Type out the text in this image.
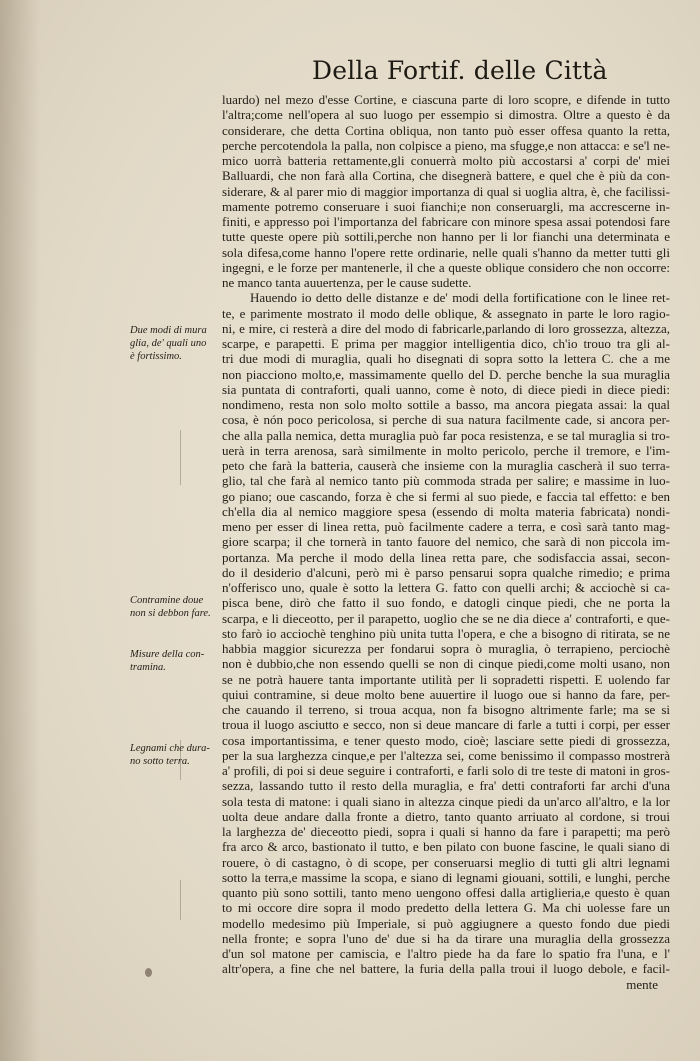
Della Fortif. delle Città
luardo) nel mezo d'esse Cortine, e ciascuna parte di loro scopre, e difende in tutto
l'altra;come nell'opera al suo luogo per essempio si dimostra. Oltre a questo è da
considerare, che detta Cortina obliqua, non tanto può esser offesa quanto la retta,
perche percotendola la palla, non colpisce a pieno, ma sfugge,e non attacca: e se'l ne-
mico uorrà batteria rettamente,gli conuerrà molto più accostarsi a' corpi de' miei
Balluardi, che non farà alla Cortina, che disegnerà battere, e quel che è più da con-
siderare, & al parer mio di maggior importanza di qual si uoglia altra, è, che facilissi-
mamente potremo conseruare i suoi fianchi;e non conseruargli, ma accrescerne in-
finiti, e appresso poi l'importanza del fabricare con minore spesa assai potendosi fare
tutte queste opere più sottili,perche non hanno per li lor fianchi una determinata e
sola difesa,come hanno l'opere rette ordinarie, nelle quali s'hanno da metter tutti gli
ingegni, e le forze per mantenerle, il che a queste oblique considero che non occorre:
ne manco tanta auuertenza, per le cause sudette.
Hauendo io detto delle distanze e de' modi della fortificatione con le linee ret-
te, e parimente mostrato il modo delle oblique, & assegnato in parte le loro ragio-
ni, e mire, ci resterà a dire del modo di fabricarle,parlando di loro grossezza, altezza,
scarpe, e parapetti. E prima per maggior intelligentia dico, ch'io trouo tra gli al-
tri due modi di muraglia, quali ho disegnati di sopra sotto la lettera C. che a me
non piacciono molto,e, massimamente quello del D. perche benche la sua muraglia
sia puntata di contraforti, quali uanno, come è noto, di diece piedi in diece piedi:
nondimeno, resta non solo molto sottile a basso, ma ancora piegata assai: la qual
cosa, è nón poco pericolosa, si perche di sua natura facilmente cade, si ancora per-
che alla palla nemica, detta muraglia può far poca resistenza, e se tal muraglia si tro-
uerà in terra arenosa, sarà similmente in molto pericolo, perche il tremore, e l'im-
peto che farà la batteria, causerà che insieme con la muraglia cascherà il suo terra-
glio, tal che farà al nemico tanto più commoda strada per salire; e massime in luo-
go piano; oue cascando, forza è che si fermi al suo piede, e faccia tal effetto: e ben
ch'ella dia al nemico maggiore spesa (essendo di molta materia fabricata) nondi-
meno per esser di linea retta, può facilmente cadere a terra, e così sarà tanto mag-
giore scarpa; il che tornerà in tanto fauore del nemico, che sarà di non piccola im-
portanza. Ma perche il modo della linea retta pare, che sodisfaccia assai, secon-
do il desiderio d'alcuni, però mi è parso pensarui sopra qualche rimedio; e prima
n'offerisco uno, quale è sotto la lettera G. fatto con quelli archi; & acciochè si ca-
pisca bene, dirò che fatto il suo fondo, e datogli cinque piedi, che ne porta la
scarpa, e li dieceotto, per il parapetto, uoglio che se ne dia diece a' contraforti, e que-
sto farò io acciochè tenghino più unita tutta l'opera, e che a bisogno di ritirata, se ne
habbia maggior sicurezza per fondarui sopra ò muraglia, ò terrapieno, perciochè
non è dubbio,che non essendo quelli se non di cinque piedi,come molti usano, non
se ne potrà hauere tanta importante utilità per li sopradetti rispetti. E uolendo far
quiui contramine, si deue molto bene auuertire il luogo oue si hanno da fare, per-
che cauando il terreno, si troua acqua, non fa bisogno altrimente farle; ma se si
troua il luogo asciutto e secco, non si deue mancare di farle a tutti i corpi, per esser
cosa importantissima, e tener questo modo, cioè; lasciare sette piedi di grossezza,
per la sua larghezza cinque,e per l'altezza sei, come benissimo il compasso mostrerà
a' profili, di poi si deue seguire i contraforti, e farli solo di tre teste di matoni in gros-
sezza, lassando tutto il resto della muraglia, e fra' detti contraforti far archi d'una
sola testa di matone: i quali siano in altezza cinque piedi da un'arco all'altro, e la lor
uolta deue andare dalla fronte a dietro, tanto quanto arriuato al cordone, si troui
la larghezza de' dieceotto piedi, sopra i quali si hanno da fare i parapetti; ma però
fra arco & arco, bastionato il tutto, e ben pilato con buone fascine, le quali siano di
rouere, ò di castagno, ò di scope, per conseruarsi meglio di tutti gli altri legnami
sotto la terra,e massime la scopa, e siano di legnami giouani, sottili, e lunghi, perche
quanto più sono sottili, tanto meno uengono offesi dalla artiglieria,e questo è quan
to mi occore dire sopra il modo predetto della lettera G. Ma chi uolesse fare un
modello medesimo più Imperiale, si può aggiugnere a questo fondo due piedi
nella fronte; e sopra l'uno de' due si ha da tirare una muraglia della grossezza
d'un sol matone per camiscia, e l'altro piede ha da fare lo spatio fra l'una, e l'
altr'opera, a fine che nel battere, la furia della palla troui il luogo debole, e facil-
mente
Due modi di mura
glia, de' quali uno
è fortissimo.
Contramine doue
non si debbon fare.
Misure della con-
tramina.
Legnami che dura-
no sotto terra.
